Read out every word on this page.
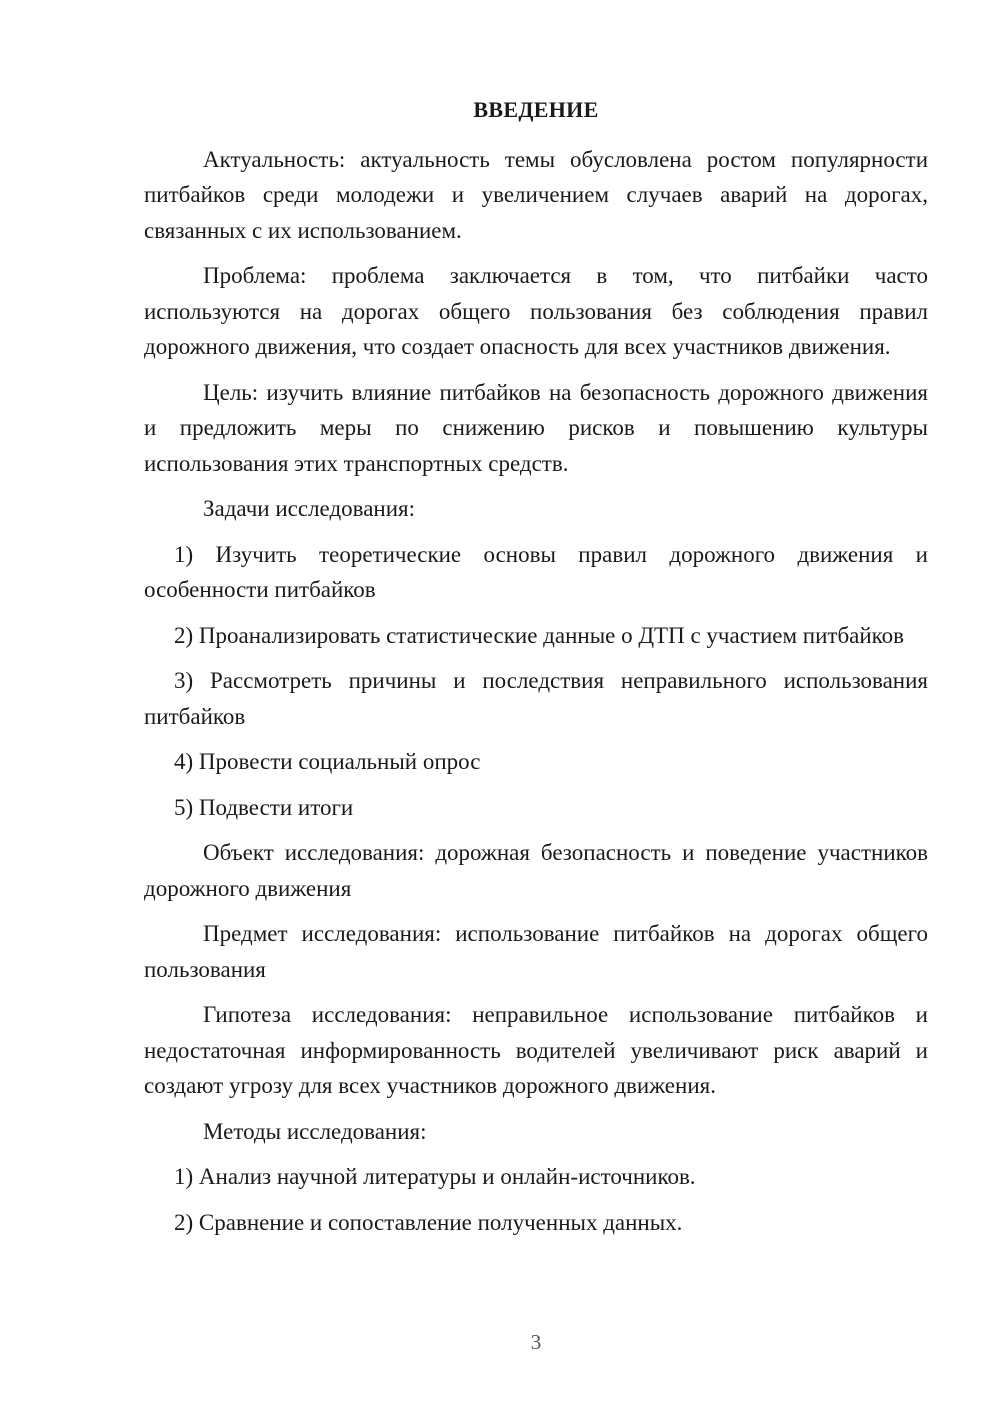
ВВЕДЕНИЕ

Актуальность: актуальность темы обусловлена ростом популярности питбайков среди молодежи и увеличением случаев аварий на дорогах, связанных с их использованием.

Проблема: проблема заключается в том, что питбайки часто используются на дорогах общего пользования без соблюдения правил дорожного движения, что создает опасность для всех участников движения.

Цель: изучить влияние питбайков на безопасность дорожного движения и предложить меры по снижению рисков и повышению культуры использования этих транспортных средств.

Задачи исследования:

1) Изучить теоретические основы правил дорожного движения и особенности питбайков

2) Проанализировать статистические данные о ДТП с участием питбайков

3) Рассмотреть причины и последствия неправильного использования питбайков

4) Провести социальный опрос

5) Подвести итоги

Объект исследования: дорожная безопасность и поведение участников дорожного движения

Предмет исследования: использование питбайков на дорогах общего пользования

Гипотеза исследования: неправильное использование питбайков и недостаточная информированность водителей увеличивают риск аварий и создают угрозу для всех участников дорожного движения.

Методы исследования:

1) Анализ научной литературы и онлайн-источников.

2) Сравнение и сопоставление полученных данных.

3
